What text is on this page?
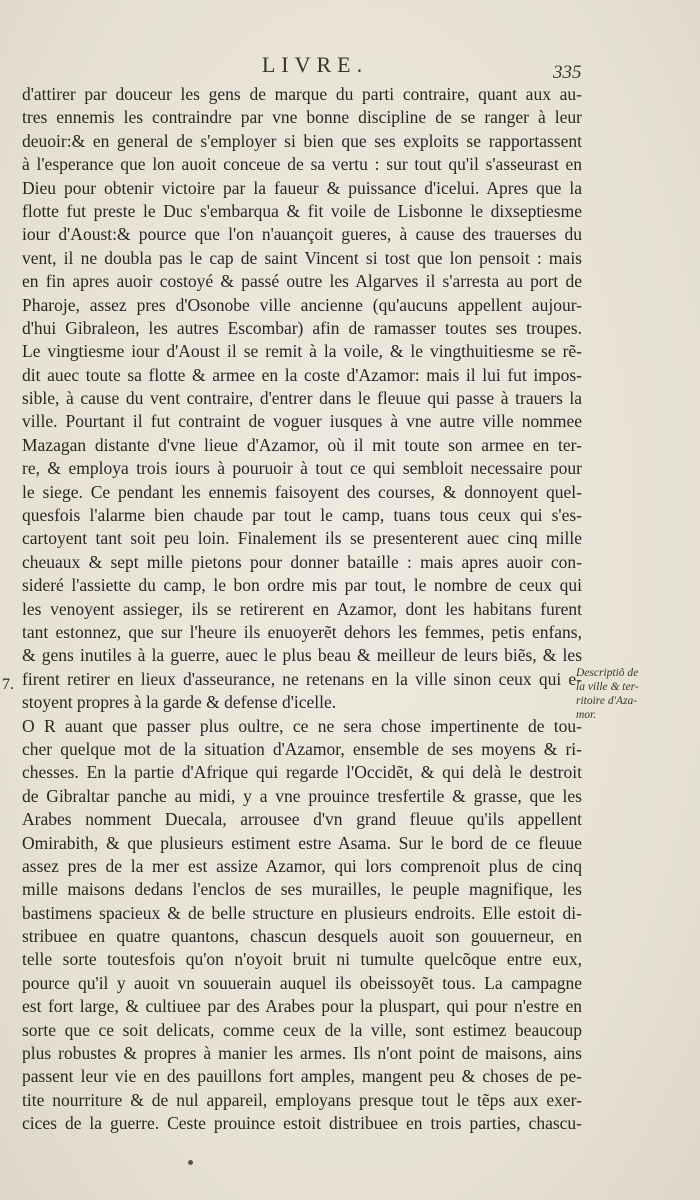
LIVRE.	335
d'attirer par douceur les gens de marque du parti contraire, quant aux au-
tres ennemis les contraindre par vne bonne discipline de se ranger à leur
deuoir:& en general de s'employer si bien que ses exploits se rapportassent
à l'esperance que lon auoit conceue de sa vertu : sur tout qu'il s'asseurast en
Dieu pour obtenir victoire par la faueur & puissance d'icelui. Apres que la
flotte fut preste le Duc s'embarqua & fit voile de Lisbonne le dixseptiesme
iour d'Aoust:& pource que l'on n'auançoit gueres, à cause des trauerses du
vent, il ne doubla pas le cap de saint Vincent si tost que lon pensoit : mais
en fin apres auoir costoyé & passé outre les Algarves il s'arresta au port de
Pharoje, assez pres d'Osonobe ville ancienne (qu'aucuns appellent aujour-
d'hui Gibraleon, les autres Escombar) afin de ramasser toutes ses troupes.
Le vingtiesme iour d'Aoust il se remit à la voile, & le vingthuitiesme se rẽ-
dit auec toute sa flotte & armee en la coste d'Azamor: mais il lui fut impos-
sible, à cause du vent contraire, d'entrer dans le fleuue qui passe à trauers la
ville. Pourtant il fut contraint de voguer iusques à vne autre ville nommee
Mazagan distante d'vne lieue d'Azamor, où il mit toute son armee en ter-
re, & employa trois iours à pouruoir à tout ce qui sembloit necessaire pour
le siege. Ce pendant les ennemis faisoyent des courses, & donnoyent quel-
quesfois l'alarme bien chaude par tout le camp, tuans tous ceux qui s'es-
cartoyent tant soit peu loin. Finalement ils se presenterent auec cinq mille
cheuaux & sept mille pietons pour donner bataille : mais apres auoir con-
sideré l'assiette du camp, le bon ordre mis par tout, le nombre de ceux qui
les venoyent assieger, ils se retirerent en Azamor, dont les habitans furent
tant estonnez, que sur l'heure ils enuoyerẽt dehors les femmes, petis enfans,
& gens inutiles à la guerre, auec le plus beau & meilleur de leurs biẽs, & les
firent retirer en lieux d'asseurance, ne retenans en la ville sinon ceux qui e-
stoyent propres à la garde & defense d'icelle.
O R auant que passer plus oultre, ce ne sera chose impertinente de tou-
cher quelque mot de la situation d'Azamor, ensemble de ses moyens & ri-
chesses. En la partie d'Afrique qui regarde l'Occidẽt, & qui delà le destroit
de Gibraltar panche au midi, y a vne prouince tresfertile & grasse, que les
Arabes nomment Duecala, arrousee d'vn grand fleuue qu'ils appellent
Omirabith, & que plusieurs estiment estre Asama. Sur le bord de ce fleuue
assez pres de la mer est assize Azamor, qui lors comprenoit plus de cinq
mille maisons dedans l'enclos de ses murailles, le peuple magnifique, les
bastimens spacieux & de belle structure en plusieurs endroits. Elle estoit di-
stribuee en quatre quantons, chascun desquels auoit son gouuerneur, en
telle sorte toutesfois qu'on n'oyoit bruit ni tumulte quelcõque entre eux,
pource qu'il y auoit vn souuerain auquel ils obeissoyẽt tous. La campagne
est fort large, & cultiuee par des Arabes pour la pluspart, qui pour n'estre en
sorte que ce soit delicats, comme ceux de la ville, sont estimez beaucoup
plus robustes & propres à manier les armes. Ils n'ont point de maisons, ains
passent leur vie en des pauillons fort amples, mangent peu & choses de pe-
tite nourriture & de nul appareil, employans presque tout le tẽps aux exer-
cices de la guerre. Ceste prouince estoit distribuee en trois parties, chascu-
7.
Descriptiõ de
la ville & ter-
ritoire d'Aza-
mor.
